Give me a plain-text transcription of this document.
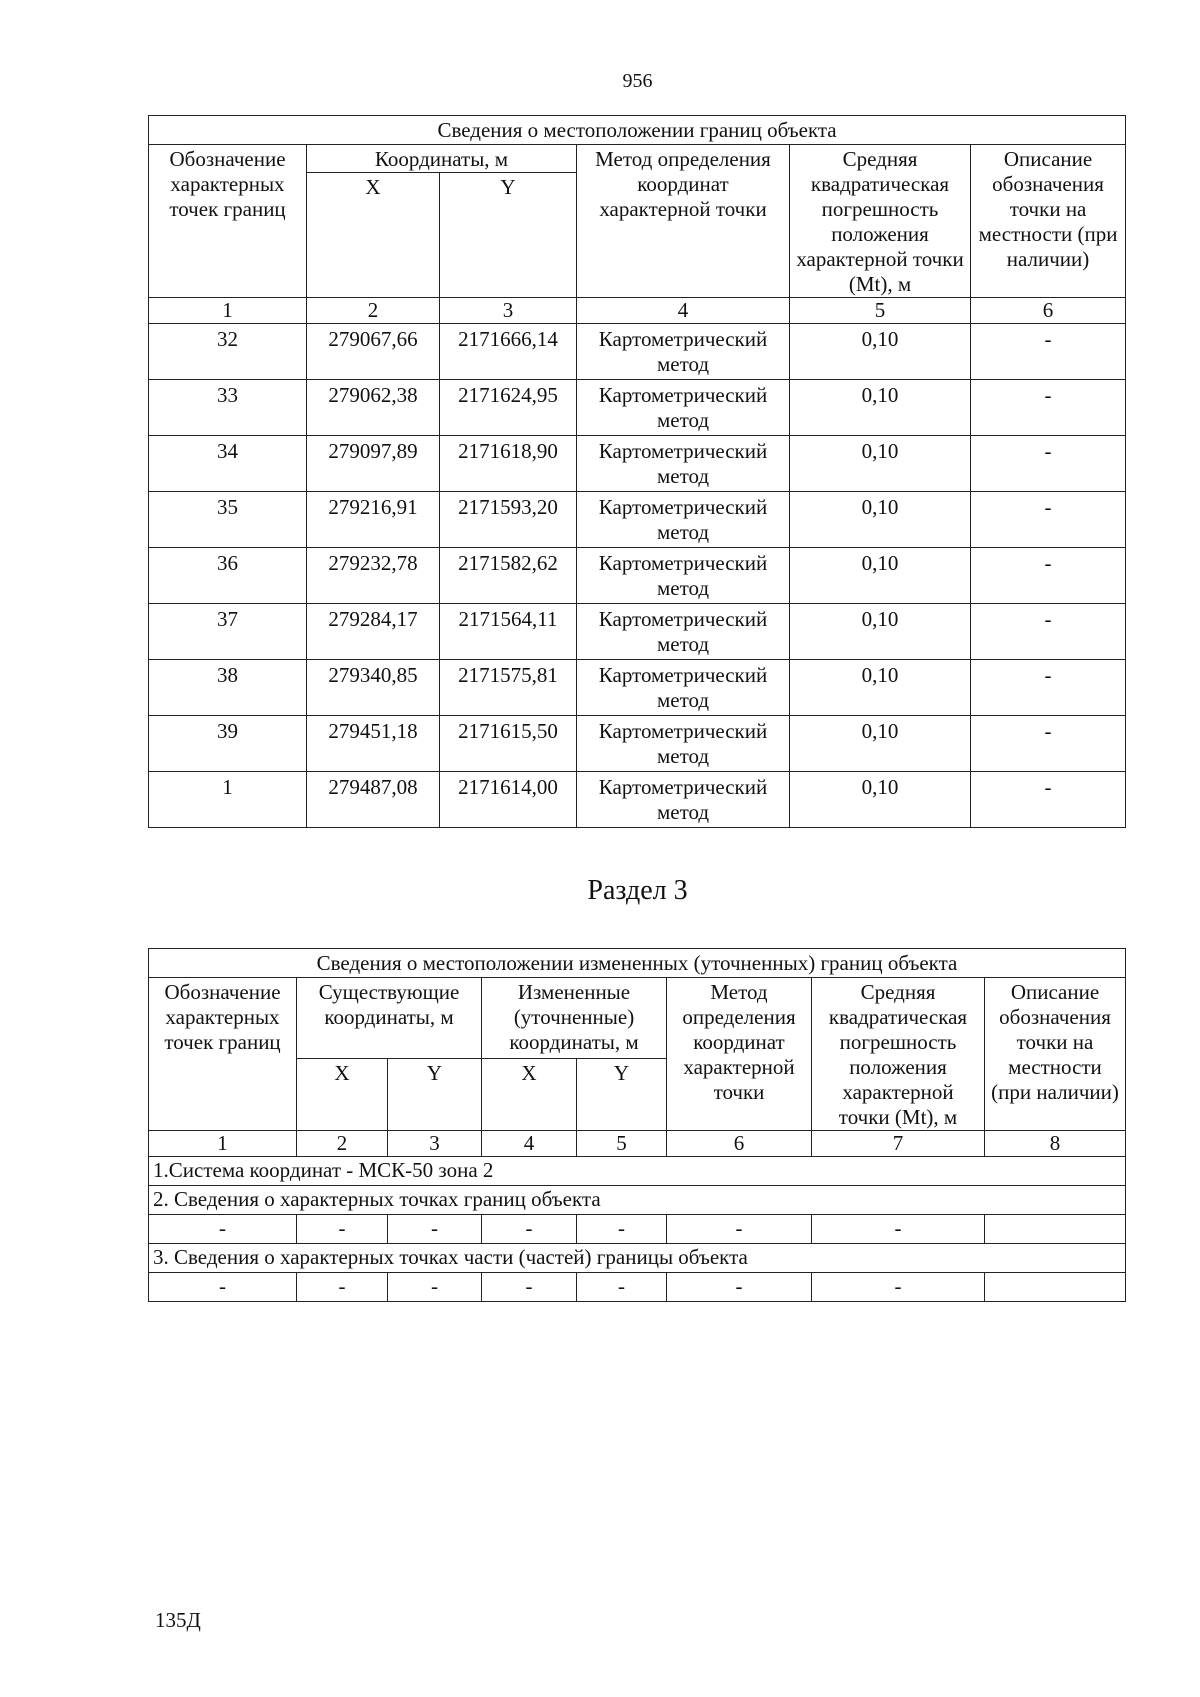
956
Сведения о местоположении границ объекта					
Обозначение характерных точек границ	Координаты, м		Метод определения координат характерной точки	Средняя квадратическая погрешность положения характерной точки (Mt), м	Описание обозначения точки на местности (при наличии)
	X	Y			
1	2	3	4	5	6
32	279067,66	2171666,14	Картометрический метод	0,10	-
33	279062,38	2171624,95	Картометрический метод	0,10	-
34	279097,89	2171618,90	Картометрический метод	0,10	-
35	279216,91	2171593,20	Картометрический метод	0,10	-
36	279232,78	2171582,62	Картометрический метод	0,10	-
37	279284,17	2171564,11	Картометрический метод	0,10	-
38	279340,85	2171575,81	Картометрический метод	0,10	-
39	279451,18	2171615,50	Картометрический метод	0,10	-
1	279487,08	2171614,00	Картометрический метод	0,10	-
Раздел 3
Сведения о местоположении измененных (уточненных) границ объекта							
Обозначение характерных точек границ	Существующие координаты, м		Измененные (уточненные) координаты, м		Метод определения координат характерной точки	Средняя квадратическая погрешность положения характерной точки (Mt), м	Описание обозначения точки на местности (при наличии)
	X	Y	X	Y			
1	2	3	4	5	6	7	8
1.Система координат - МСК-50 зона 2							
2. Сведения о характерных точках границ объекта							
-	-	-	-	-	-	-	
3. Сведения о характерных точках части (частей) границы объекта							
-	-	-	-	-	-	-	
135Д
